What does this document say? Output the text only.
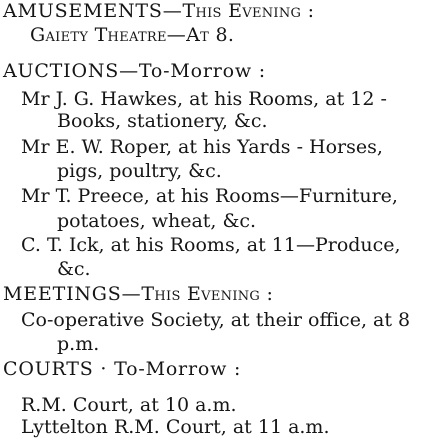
AMUSEMENTS—This Evening :
Gaiety Theatre—At 8.
AUCTIONS—To-Morrow :
Mr J. G. Hawkes, at his Rooms, at 12 -
Books, stationery, &c.
Mr E. W. Roper, at his Yards - Horses,
pigs, poultry, &c.
Mr T. Preece, at his Rooms—Furniture,
potatoes, wheat, &c.
C. T. Ick, at his Rooms, at 11—Produce,
&c.
MEETINGS—This Evening :
Co-operative Society, at their office, at 8
p.m.
COURTS · To-Morrow :
R.M. Court, at 10 a.m.
Lyttelton R.M. Court, at 11 a.m.
